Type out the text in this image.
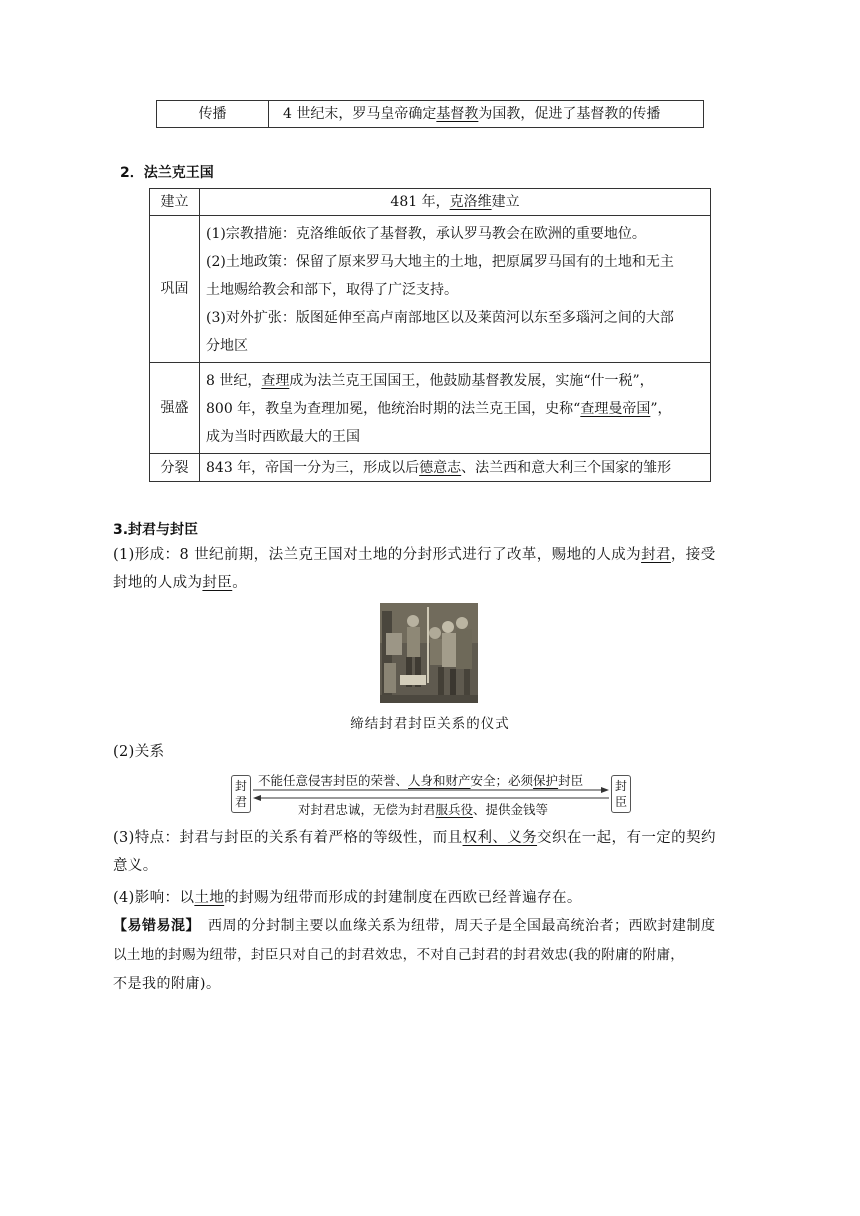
传播	4 世纪末，罗马皇帝确定基督教为国教，促进了基督教的传播
2．法兰克王国
建立	481 年，克洛维建立
巩固	(1)宗教措施：克洛维皈依了基督教，承认罗马教会在欧洲的重要地位。
(2)土地政策：保留了原来罗马大地主的土地，把原属罗马国有的土地和无主
土地赐给教会和部下，取得了广泛支持。
(3)对外扩张：版图延伸至高卢南部地区以及莱茵河以东至多瑙河之间的大部
分地区

强盛	8 世纪，查理成为法兰克王国国王，他鼓励基督教发展，实施“什一税”，
800 年，教皇为查理加冕，他统治时期的法兰克王国，史称“查理曼帝国”，
成为当时西欧最大的王国

分裂	843 年，帝国一分为三，形成以后德意志、法兰西和意大利三个国家的雏形
3.封君与封臣
(1)形成：8 世纪前期，法兰克王国对土地的分封形式进行了改革，赐地的人成为封君，接受
封地的人成为封臣。
缔结封君封臣关系的仪式
(2)关系
封君
封臣
不能任意侵害封臣的荣誉、人身和财产安全；必须保护封臣
对封君忠诚，无偿为封君服兵役、提供金钱等
(3)特点：封君与封臣的关系有着严格的等级性，而且权利、义务交织在一起，有一定的契约
意义。
(4)影响：以土地的封赐为纽带而形成的封建制度在西欧已经普遍存在。
【易错易混】 西周的分封制主要以血缘关系为纽带，周天子是全国最高统治者；西欧封建制度
以土地的封赐为纽带，封臣只对自己的封君效忠，不对自己封君的封君效忠(我的附庸的附庸，
不是我的附庸)。
